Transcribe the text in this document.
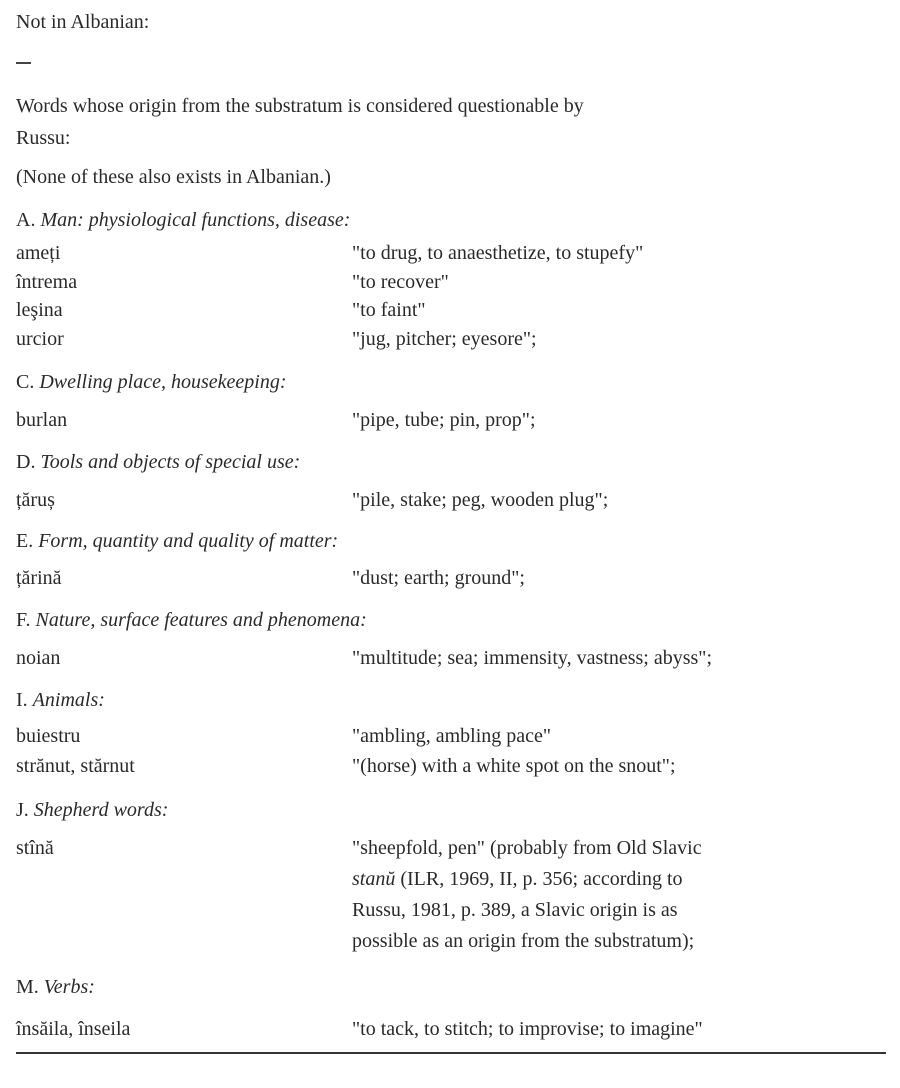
Not in Albanian:
Words whose origin from the substratum is considered questionable by
Russu:
(None of these also exists in Albanian.)
A. Man: physiological functions, disease:
ameți	"to drug, to anaesthetize, to stupefy"
întrema	"to recover"
leşina	"to faint"
urcior	"jug, pitcher; eyesore";
C. Dwelling place, housekeeping:
burlan	"pipe, tube; pin, prop";
D. Tools and objects of special use:
țăruș	"pile, stake; peg, wooden plug";
E. Form, quantity and quality of matter:
țărină	"dust; earth; ground";
F. Nature, surface features and phenomena:
noian	"multitude; sea; immensity, vastness; abyss";
I. Animals:
buiestru	"ambling, ambling pace"
strănut, stărnut	"(horse) with a white spot on the snout";
J. Shepherd words:
stînă	"sheepfold, pen" (probably from Old Slavic
stanŭ (ILR, 1969, II, p. 356; according to
Russu, 1981, p. 389, a Slavic origin is as
possible as an origin from the substratum);
M. Verbs:
însăila, înseila	"to tack, to stitch; to improvise; to imagine"
